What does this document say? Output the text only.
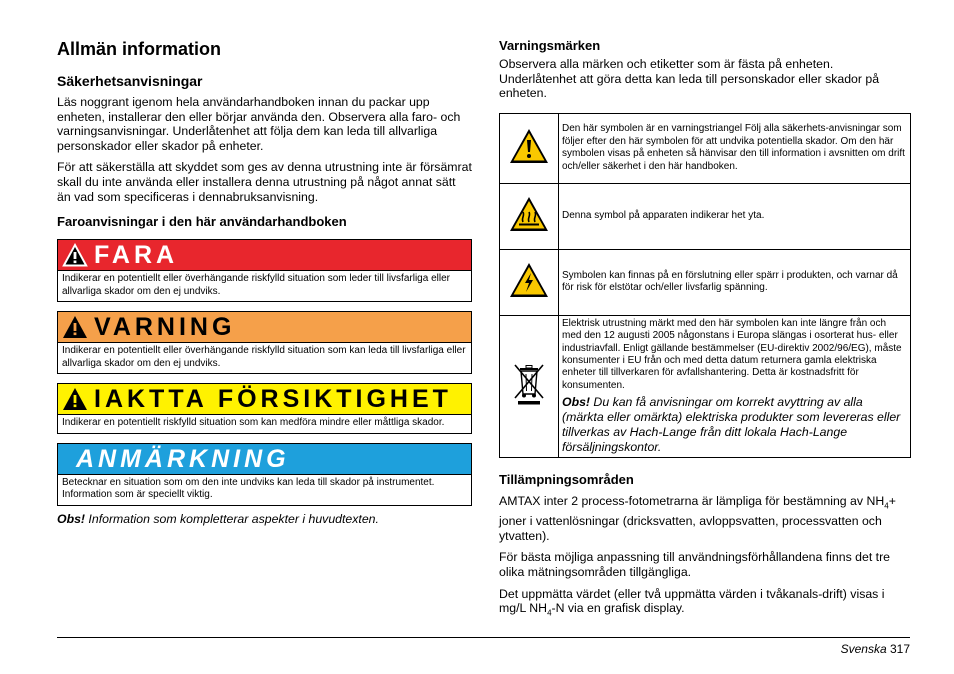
Allmän information
Säkerhetsanvisningar

Läs noggrant igenom hela användarhandboken innan du packar upp enheten, installerar den eller börjar använda den. Observera alla faro- och varningsanvisningar. Underlåtenhet att följa dem kan leda till allvarliga personskador eller skador på enheter.

För att säkerställa att skyddet som ges av denna utrustning inte är försämrat skall du inte använda eller installera denna utrustning på något annat sätt än vad som specificeras i dennabruksanvisning.

Faroanvisningar i den här användarhandboken
FARA
Indikerar en potentiellt eller överhängande riskfylld situation som leder till livsfarliga eller allvarliga skador om den ej undviks.
VARNING
Indikerar en potentiellt eller överhängande riskfylld situation som kan leda till livsfarliga eller allvarliga skador om den ej undviks.
IAKTTA FÖRSIKTIGHET
Indikerar en potentiellt riskfylld situation som kan medföra mindre eller måttliga skador.
ANMÄRKNING
Betecknar en situation som om den inte undviks kan leda till skador på instrumentet. Information som är speciellt viktig.

Obs! Information som kompletterar aspekter i huvudtexten.

Varningsmärken

Observera alla märken och etiketter som är fästa på enheten. Underlåtenhet att göra detta kan leda till personskador eller skador på enheten.

	Den här symbolen är en varningstriangel Följ alla säkerhets-anvisningar som följer efter den här symbolen för att undvika potentiella skador. Om den här symbolen visas på enheten så hänvisar den till information i avsnitten om drift och/eller säkerhet i den här handboken.
	Denna symbol på apparaten indikerar het yta.
	Symbolen kan finnas på en förslutning eller spärr i produkten, och varnar då för risk för elstötar och/eller livsfarlig spänning.

Elektrisk utrustning märkt med den här symbolen kan inte längre från och med den 12 augusti 2005 någonstans i Europa slängas i osorterat hus- eller industriavfall. Enligt gällande bestämmelser (EU-direktiv 2002/96/EG), måste konsumenter i EU från och med detta datum returnera gamla elektriska enheter till tillverkaren för avfallshantering. Detta är kostnadsfritt för konsumenten.

Obs! Du kan få anvisningar om korrekt avyttring av alla (märkta eller omärkta) elektriska produkter som levereras eller tillverkas av Hach-Lange från ditt lokala Hach-Lange försäljningskontor.

Tillämpningsområden

AMTAX inter 2 process-fotometrarna är lämpliga för bestämning av $NH_4+$ joner i vattenlösningar (dricksvatten, avloppsvatten, processvatten och ytvatten).

För bästa möjliga anpassning till användningsförhållandena finns det tre olika mätningsområden tillgängliga.

Det uppmätta värdet (eller två uppmätta värden i tvåkanals-drift) visas i mg/L $NH_4-N$ via en grafisk display.

Svenska 317
